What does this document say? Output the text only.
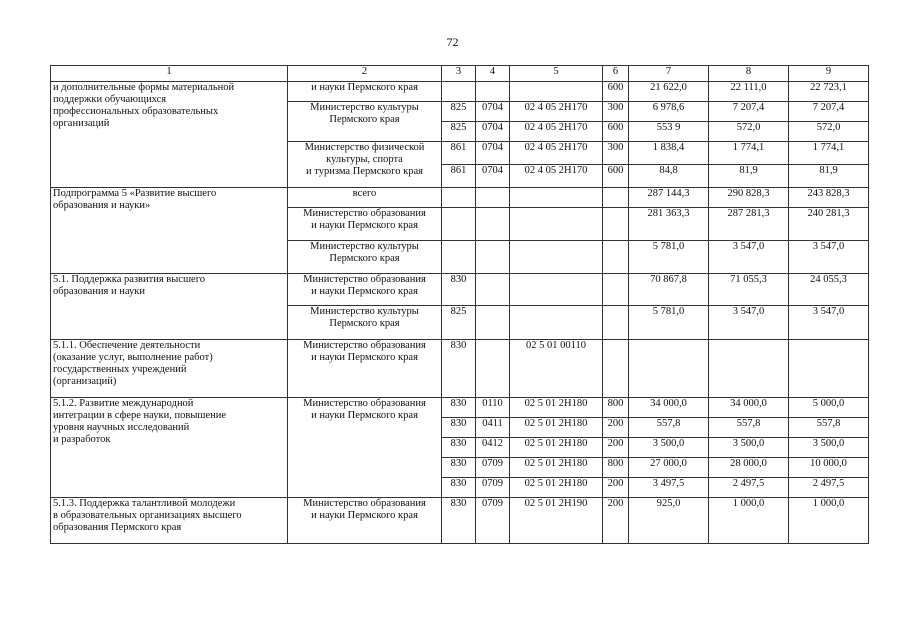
72
1	2	3	4	5	6	7	8	9

и дополнительные формы материальной
поддержки обучающихся
профессиональных образовательных
организаций	и науки Пермского края				600	21 622,0	22 111,0	22 723,1

	Министерство культуры
Пермского края	825	0704	02 4 05 2Н170	300	6 978,6	7 207,4	7 207,4
		825	0704	02 4 05 2Н170	600	553 9	572,0	572,0

	Министерство физической
культуры, спорта
и туризма Пермского края	861	0704	02 4 05 2Н170	300	1 838,4	1 774,1	1 774,1
		861	0704	02 4 05 2Н170	600	84,8	81,9	81,9

Подпрограмма 5 «Развитие высшего
образования и науки»	всего					287 144,3	290 828,3	243 828,3

	Министерство образования
и науки Пермского края					281 363,3	287 281,3	240 281,3

	Министерство культуры
Пермского края					5 781,0	3 547,0	3 547,0

5.1. Поддержка развития высшего
образования и науки	Министерство образования
и науки Пермского края	830				70 867,8	71 055,3	24 055,3

	Министерство культуры
Пермского края	825				5 781,0	3 547,0	3 547,0

5.1.1. Обеспечение деятельности
(оказание услуг, выполнение работ)
государственных учреждений
(организаций)	Министерство образования
и науки Пермского края	830		02 5 01 00110				

5.1.2. Развитие международной
интеграции в сфере науки, повышение
уровня научных исследований
и разработок	Министерство образования
и науки Пермского края	830	0110	02 5 01 2Н180	800	34 000,0	34 000,0	5 000,0
		830	0411	02 5 01 2Н180	200	557,8	557,8	557,8
		830	0412	02 5 01 2Н180	200	3 500,0	3 500,0	3 500,0
		830	0709	02 5 01 2Н180	800	27 000,0	28 000,0	10 000,0
		830	0709	02 5 01 2Н180	200	3 497,5	2 497,5	2 497,5

5.1.3. Поддержка талантливой молодежи
в образовательных организациях высшего
образования Пермского края	Министерство образования
и науки Пермского края	830	0709	02 5 01 2Н190	200	925,0	1 000,0	1 000,0
